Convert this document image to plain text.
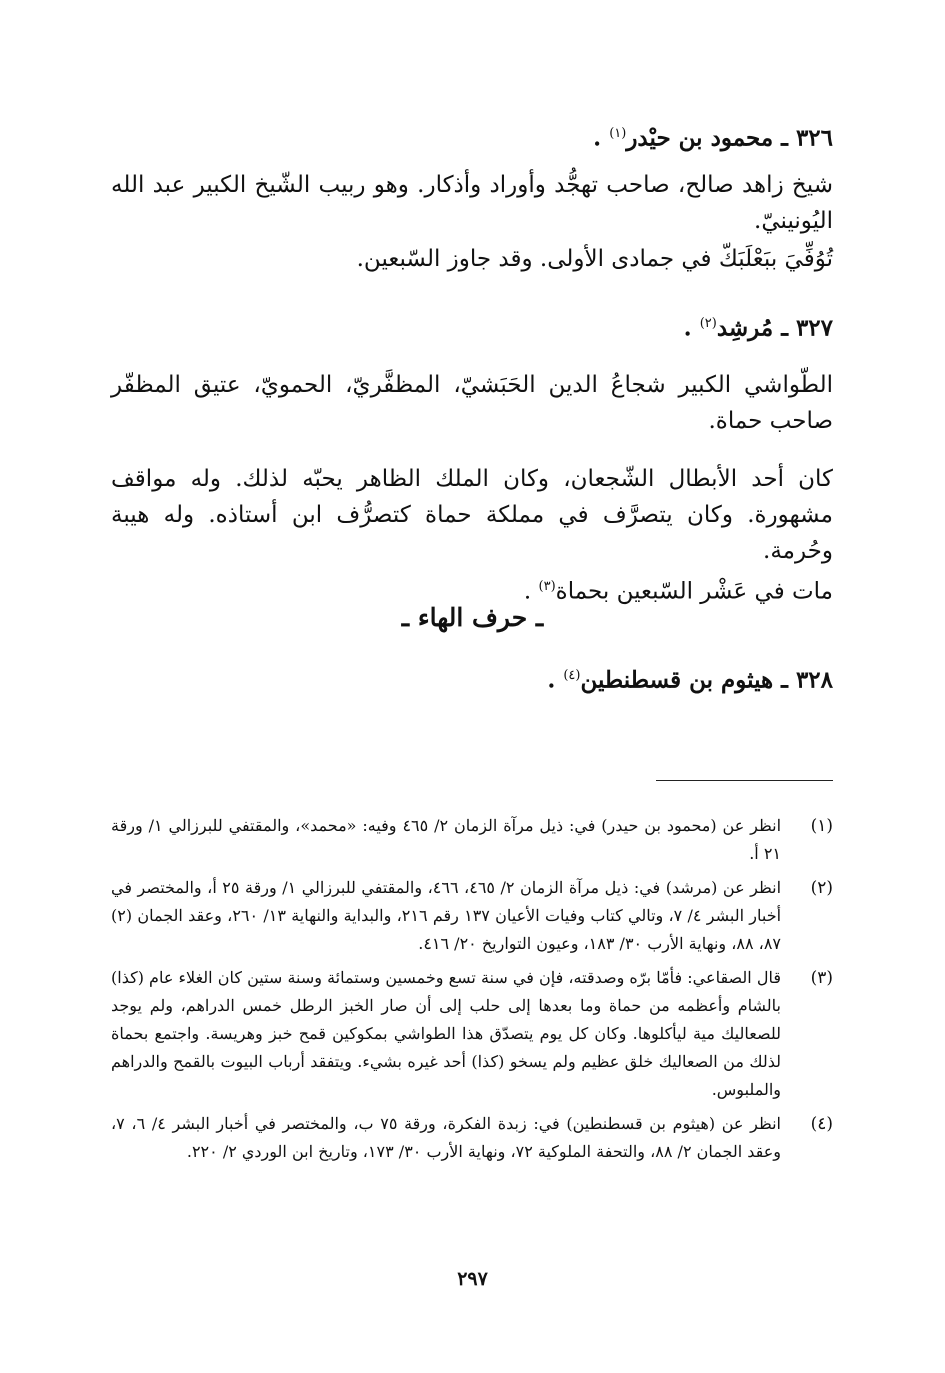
٣٢٦ ـ محمود بن حيْدر$^{(١)}$ .
شيخ زاهد صالح، صاحب تهجُّد وأوراد وأذكار. وهو ربيب الشّيخ الكبير عبد الله اليُونينيّ.
تُوُفِّيَ ببَعْلَبَكّ في جمادى الأولى. وقد جاوز السّبعين.
٣٢٧ ـ مُرشِد$^{(٢)}$ .
الطّواشي الكبير شجاعُ الدين الحَبَشيّ، المظفَّريّ، الحمويّ، عتيق المظفّر صاحب حماة.
كان أحد الأبطال الشّجعان، وكان الملك الظاهر يحبّه لذلك. وله مواقف مشهورة. وكان يتصرَّف في مملكة حماة كتصرُّف ابن أستاذه. وله هيبة وحُرمة.
مات في عَشْر السّبعين بحماة$^{(٣)}$ .
ـ حرف الهاء ـ
٣٢٨ ـ هيثوم بن قسطنطين$^{(٤)}$ .
(١)
انظر عن (محمود بن حيدر) في: ذيل مرآة الزمان ٢/ ٤٦٥ وفيه: «محمد»، والمقتفي للبرزالي ١/ ورقة ٢١ أ.
(٢)
انظر عن (مرشد) في: ذيل مرآة الزمان ٢/ ٤٦٥، ٤٦٦، والمقتفي للبرزالي ١/ ورقة ٢٥ أ، والمختصر في أخبار البشر ٤/ ٧، وتالي كتاب وفيات الأعيان ١٣٧ رقم ٢١٦، والبداية والنهاية ١٣/ ٢٦٠، وعقد الجمان (٢) ٨٧، ٨٨، ونهاية الأرب ٣٠/ ١٨٣، وعيون التواريخ ٢٠/ ٤١٦.
(٣)
قال الصقاعي: فأمّا برّه وصدقته، فإن في سنة تسع وخمسين وستمائة وسنة ستين كان الغلاء عام (كذا) بالشام وأعظمه من حماة وما بعدها إلى حلب إلى أن صار الخبز الرطل خمس الدراهم، ولم يوجد للصعاليك مية ليأكلوها. وكان كل يوم يتصدّق هذا الطواشي بمكوكين قمح خبز وهريسة. واجتمع بحماة لذلك من الصعاليك خلق عظيم ولم يسخو (كذا) أحد غيره بشيء. ويتفقد أرباب البيوت بالقمح والدراهم والملبوس.
(٤)
انظر عن (هيثوم بن قسطنطين) في: زبدة الفكرة، ورقة ٧٥ ب، والمختصر في أخبار البشر ٤/ ٦، ٧، وعقد الجمان ٢/ ٨٨، والتحفة الملوكية ٧٢، ونهاية الأرب ٣٠/ ١٧٣، وتاريخ ابن الوردي ٢/ ٢٢٠.
٢٩٧
